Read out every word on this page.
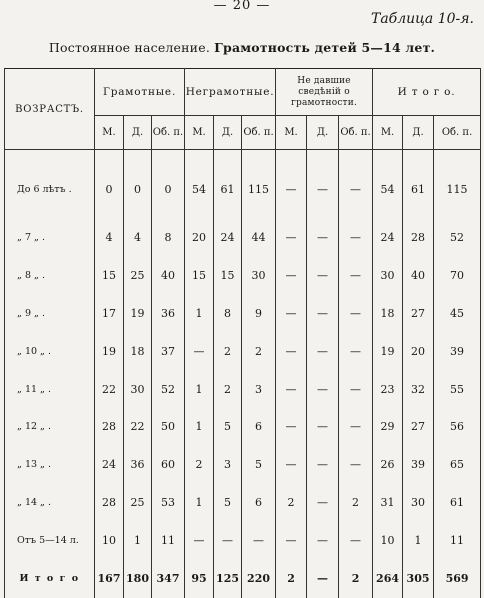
— 20 —
Таблица 10-я.
Постоянное население. Грамотность детей 5—14 лет.
ВОЗРАСТЪ.	Грамотные.			Неграмотные.			Не давшие сведѣній о грамотности.			И т о г о.		
	М.	Д.	Об. п.	М.	Д.	Об. п.	М.	Д.	Об. п.	М.	Д.	Об. п.
До 6 лѣтъ .	0	0	0	54	61	115	—	—	—	54	61	115
„ 7 „ .	4	4	8	20	24	44	—	—	—	24	28	52
„ 8 „ .	15	25	40	15	15	30	—	—	—	30	40	70
„ 9 „ .	17	19	36	1	8	9	—	—	—	18	27	45
„ 10 „ .	19	18	37	—	2	2	—	—	—	19	20	39
„ 11 „ .	22	30	52	1	2	3	—	—	—	23	32	55
„ 12 „ .	28	22	50	1	5	6	—	—	—	29	27	56
„ 13 „ .	24	36	60	2	3	5	—	—	—	26	39	65
„ 14 „ .	28	25	53	1	5	6	2	—	2	31	30	61
Отъ 5—14 л.	10	1	11	—	—	—	—	—	—	10	1	11
И т о г о	167	180	347	95	125	220	2	—	2	264	305	569
